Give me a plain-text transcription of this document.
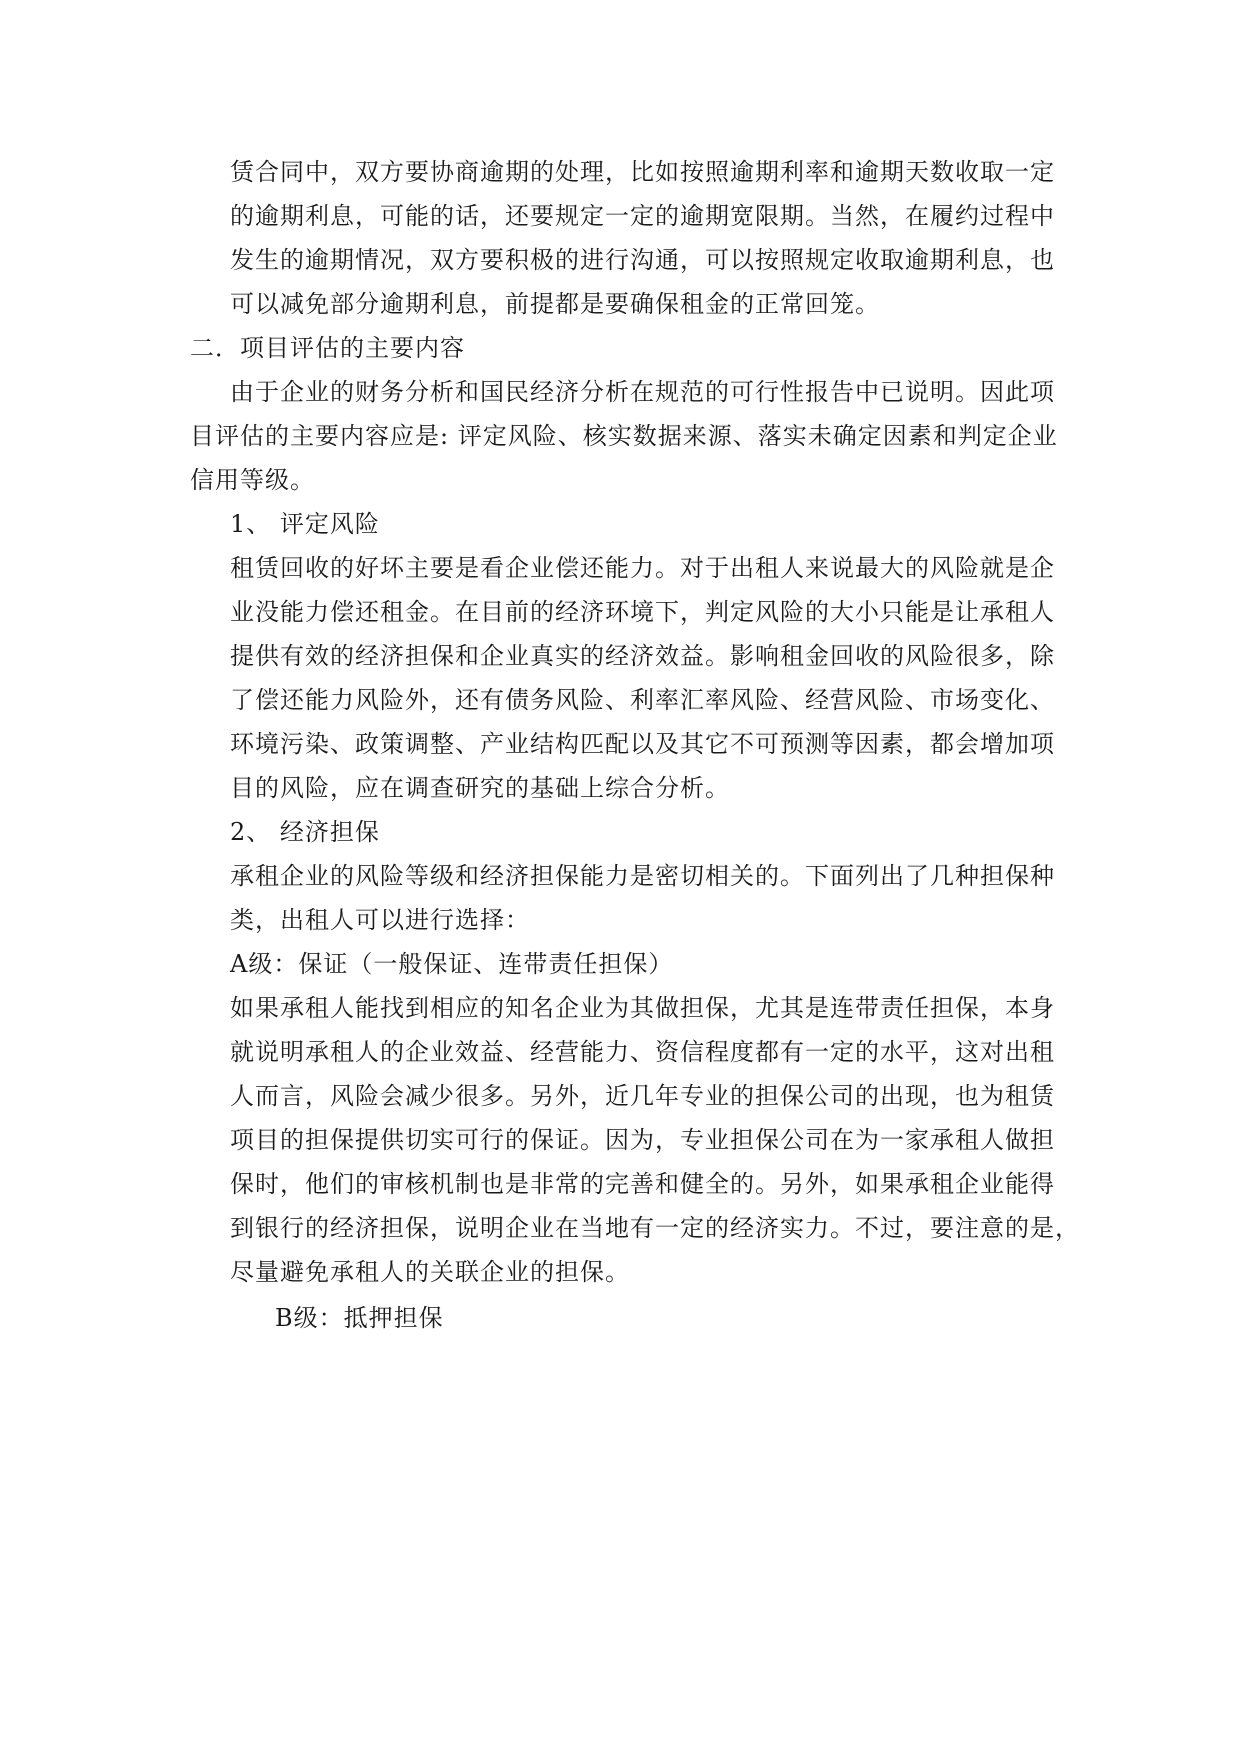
赁合同中，双方要协商逾期的处理，比如按照逾期利率和逾期天数收取一定
的逾期利息，可能的话，还要规定一定的逾期宽限期。当然，在履约过程中
发生的逾期情况，双方要积极的进行沟通，可以按照规定收取逾期利息，也
可以减免部分逾期利息，前提都是要确保租金的正常回笼。
二．项目评估的主要内容
由于企业的财务分析和国民经济分析在规范的可行性报告中已说明。因此项
目评估的主要内容应是: 评定风险、核实数据来源、落实未确定因素和判定企业
信用等级。
1、 评定风险
租赁回收的好坏主要是看企业偿还能力。对于出租人来说最大的风险就是企
业没能力偿还租金。在目前的经济环境下，判定风险的大小只能是让承租人
提供有效的经济担保和企业真实的经济效益。影响租金回收的风险很多，除
了偿还能力风险外，还有债务风险、利率汇率风险、经营风险、市场变化、
环境污染、政策调整、产业结构匹配以及其它不可预测等因素，都会增加项
目的风险，应在调查研究的基础上综合分析。
2、 经济担保
承租企业的风险等级和经济担保能力是密切相关的。下面列出了几种担保种
类，出租人可以进行选择：
A级：保证（一般保证、连带责任担保）
如果承租人能找到相应的知名企业为其做担保，尤其是连带责任担保，本身
就说明承租人的企业效益、经营能力、资信程度都有一定的水平，这对出租
人而言，风险会减少很多。另外，近几年专业的担保公司的出现，也为租赁
项目的担保提供切实可行的保证。因为，专业担保公司在为一家承租人做担
保时，他们的审核机制也是非常的完善和健全的。另外，如果承租企业能得
到银行的经济担保，说明企业在当地有一定的经济实力。不过，要注意的是，
尽量避免承租人的关联企业的担保。
B级：抵押担保
